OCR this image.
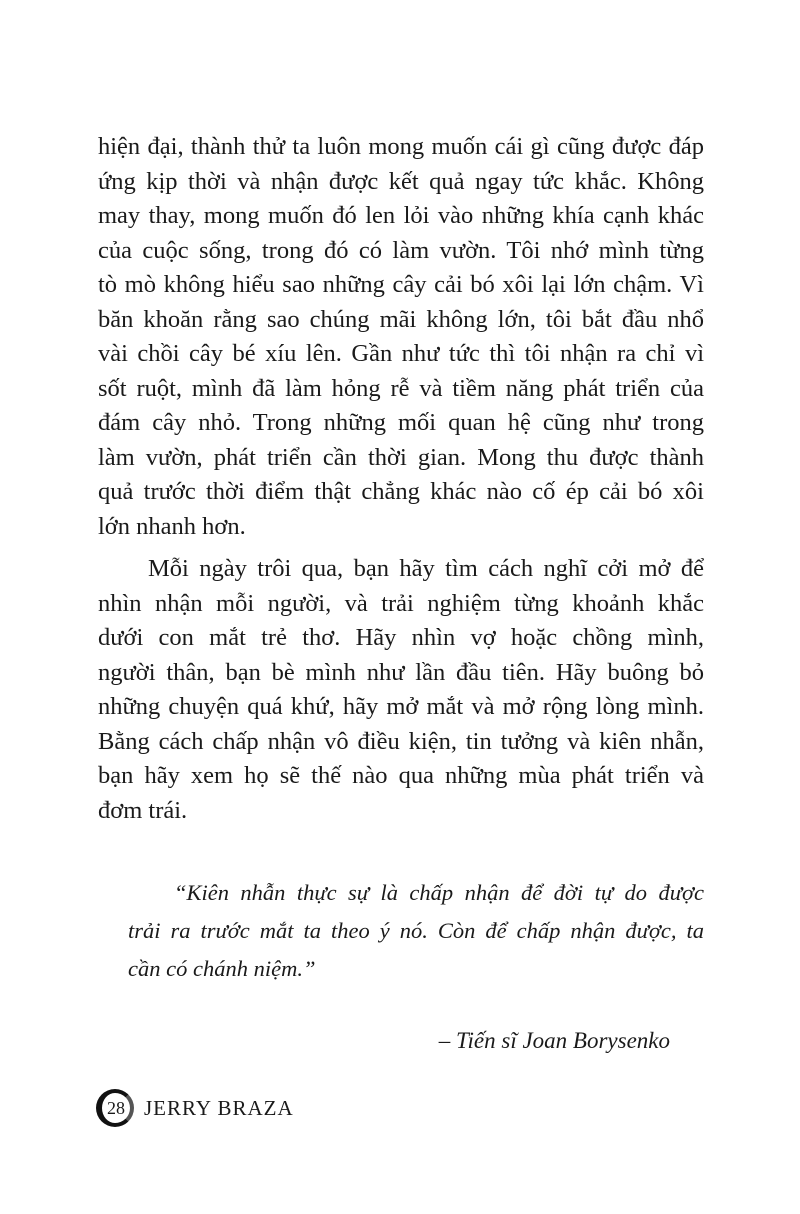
hiện đại, thành thử ta luôn mong muốn cái gì cũng được đáp
ứng kịp thời và nhận được kết quả ngay tức khắc. Không
may thay, mong muốn đó len lỏi vào những khía cạnh khác
của cuộc sống, trong đó có làm vườn. Tôi nhớ mình từng
tò mò không hiểu sao những cây cải bó xôi lại lớn chậm. Vì
băn khoăn rằng sao chúng mãi không lớn, tôi bắt đầu nhổ
vài chồi cây bé xíu lên. Gần như tức thì tôi nhận ra chỉ vì
sốt ruột, mình đã làm hỏng rễ và tiềm năng phát triển của
đám cây nhỏ. Trong những mối quan hệ cũng như trong
làm vườn, phát triển cần thời gian. Mong thu được thành
quả trước thời điểm thật chẳng khác nào cố ép cải bó xôi
lớn nhanh hơn.
Mỗi ngày trôi qua, bạn hãy tìm cách nghĩ cởi mở để
nhìn nhận mỗi người, và trải nghiệm từng khoảnh khắc
dưới con mắt trẻ thơ. Hãy nhìn vợ hoặc chồng mình,
người thân, bạn bè mình như lần đầu tiên. Hãy buông bỏ
những chuyện quá khứ, hãy mở mắt và mở rộng lòng mình.
Bằng cách chấp nhận vô điều kiện, tin tưởng và kiên nhẫn,
bạn hãy xem họ sẽ thế nào qua những mùa phát triển và
đơm trái.
“Kiên nhẫn thực sự là chấp nhận để đời tự do được
trải ra trước mắt ta theo ý nó. Còn để chấp nhận được, ta
cần có chánh niệm.”
– Tiến sĩ Joan Borysenko
28 JERRY BRAZA
